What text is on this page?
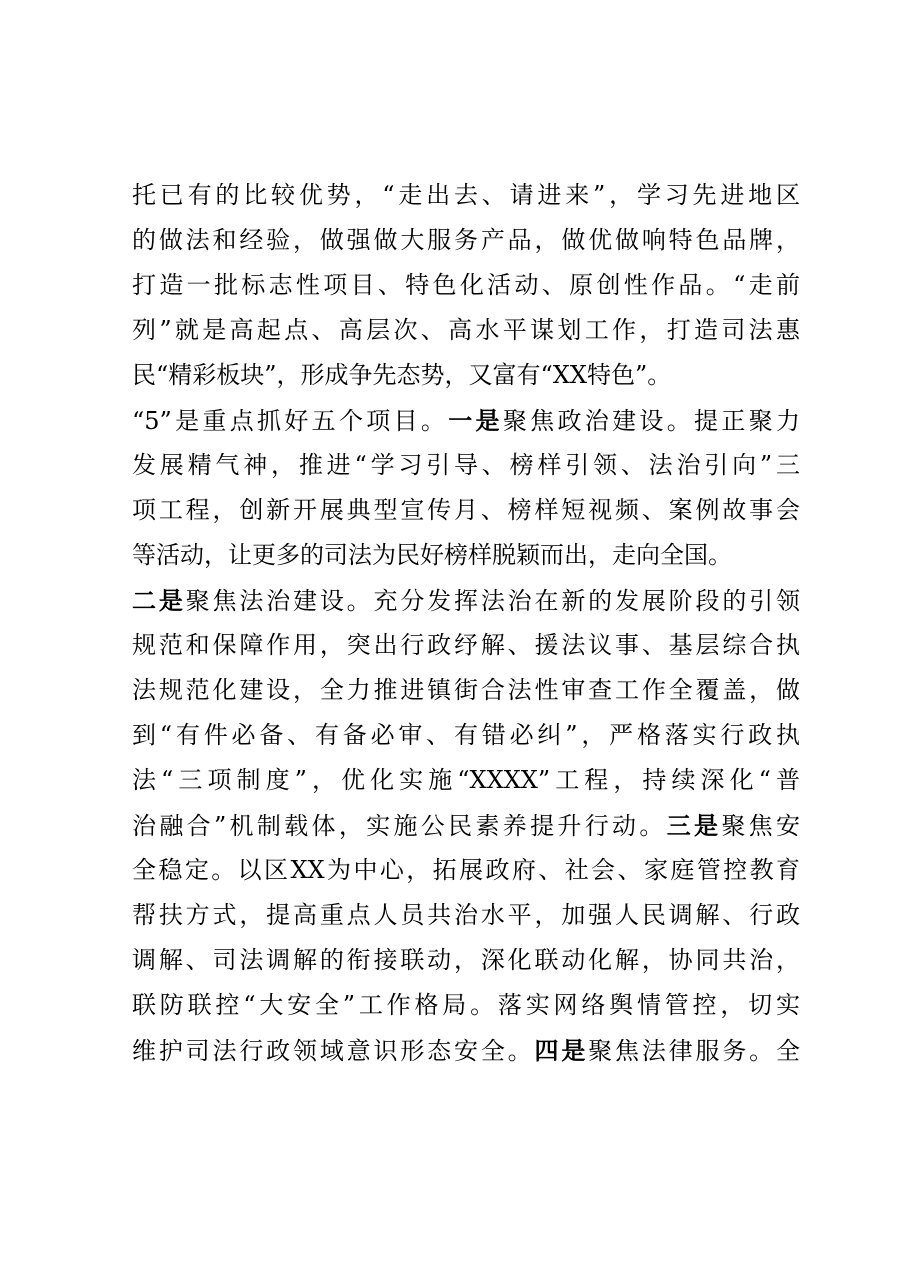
托已有的比较优势，“走出去、请进来”，学习先进地区
的做法和经验，做强做大服务产品，做优做响特色品牌，
打造一批标志性项目、特色化活动、原创性作品。“走前
列”就是高起点、高层次、高水平谋划工作，打造司法惠
民“精彩板块”，形成争先态势，又富有“XX特色”。
“5”是重点抓好五个项目。一是聚焦政治建设。提正聚力
发展精气神，推进“学习引导、榜样引领、法治引向”三
项工程，创新开展典型宣传月、榜样短视频、案例故事会
等活动，让更多的司法为民好榜样脱颖而出，走向全国。
二是聚焦法治建设。充分发挥法治在新的发展阶段的引领
规范和保障作用，突出行政纾解、援法议事、基层综合执
法规范化建设，全力推进镇街合法性审查工作全覆盖，做
到“有件必备、有备必审、有错必纠”，严格落实行政执
法“三项制度”，优化实施“XXXX”工程，持续深化“普
治融合”机制载体，实施公民素养提升行动。三是聚焦安
全稳定。以区XX为中心，拓展政府、社会、家庭管控教育
帮扶方式，提高重点人员共治水平，加强人民调解、行政
调解、司法调解的衔接联动，深化联动化解，协同共治，
联防联控“大安全”工作格局。落实网络舆情管控，切实
维护司法行政领域意识形态安全。四是聚焦法律服务。全
